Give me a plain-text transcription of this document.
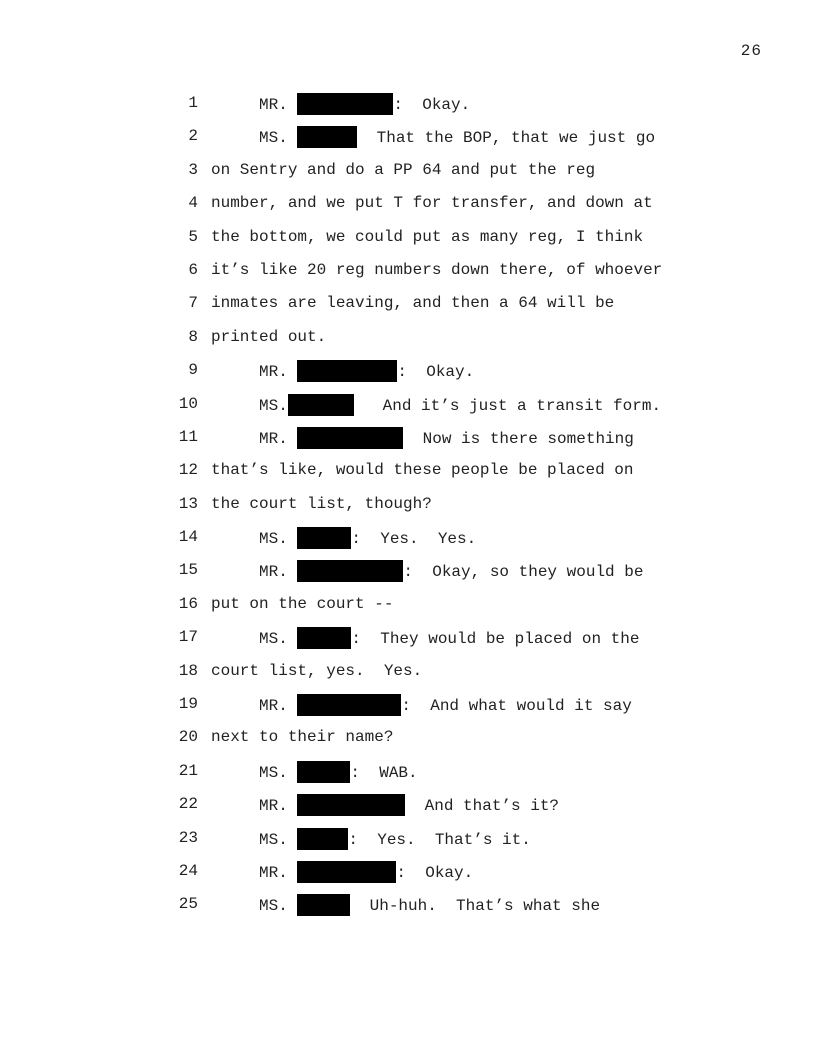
26
1	MR.	:  Okay.
2	MS.	That the BOP, that we just go
3 on Sentry and do a PP 64 and put the reg
4 number, and we put T for transfer, and down at
5 the bottom, we could put as many reg, I think
6 it’s like 20 reg numbers down there, of whoever
7 inmates are leaving, and then a 64 will be
8 printed out.
9	MR.	:  Okay.
10	MS.	And it’s just a transit form.
11	MR.	Now is there something
12 that’s like, would these people be placed on
13 the court list, though?
14	MS.	:  Yes.  Yes.
15	MR.	:  Okay, so they would be
16 put on the court --
17	MS.	:  They would be placed on the
18 court list, yes.  Yes.
19	MR.	:  And what would it say
20 next to their name?
21	MS.	:  WAB.
22	MR.	And that’s it?
23	MS.	:  Yes.  That’s it.
24	MR.	:  Okay.
25	MS.	Uh-huh.  That’s what she
